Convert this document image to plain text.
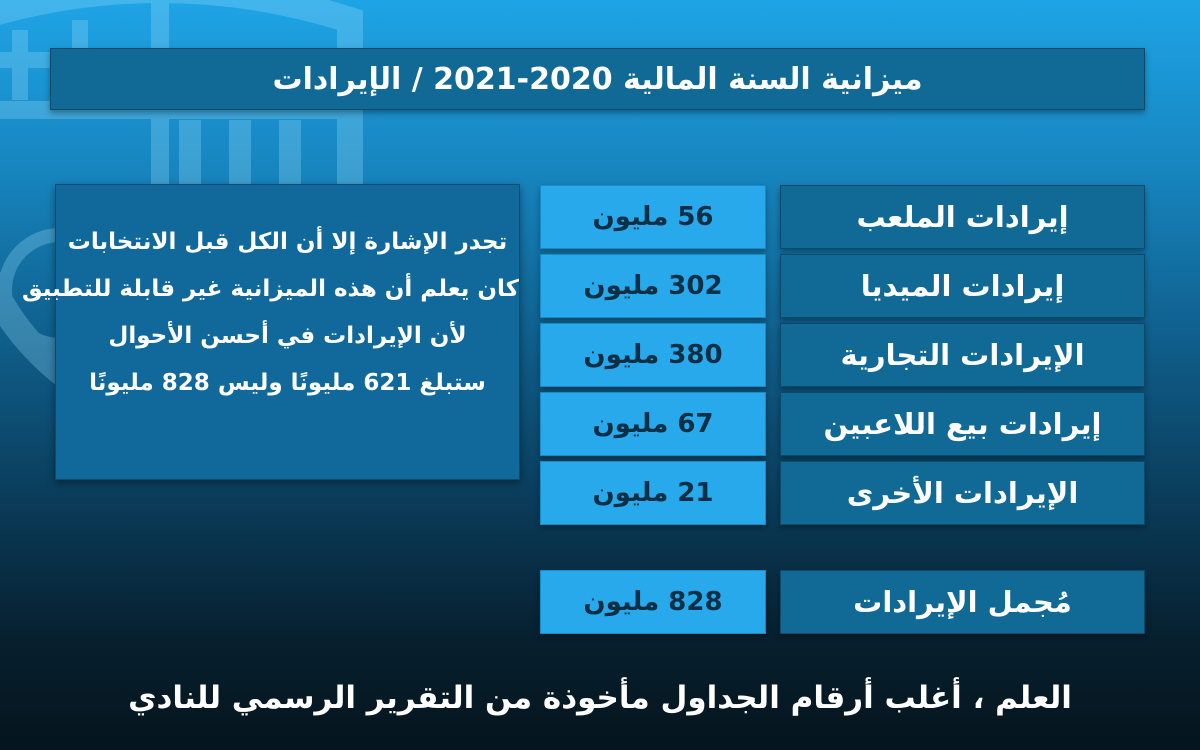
ميزانية السنة المالية 2020-2021 / الإيرادات
تجدر الإشارة إلا أن الكل قبل الانتخابات
كان يعلم أن هذه الميزانية غير قابلة للتطبيق
لأن الإيرادات في أحسن الأحوال
ستبلغ 621 مليونًا وليس 828 مليونًا
إيرادات الملعب
56 مليون
إيرادات الميديا
302 مليون
الإيرادات التجارية
380 مليون
إيرادات بيع اللاعبين
67 مليون
الإيرادات الأخرى
21 مليون
مُجمل الإيرادات
828 مليون
العلم ، أغلب أرقام الجداول مأخوذة من التقرير الرسمي للنادي
